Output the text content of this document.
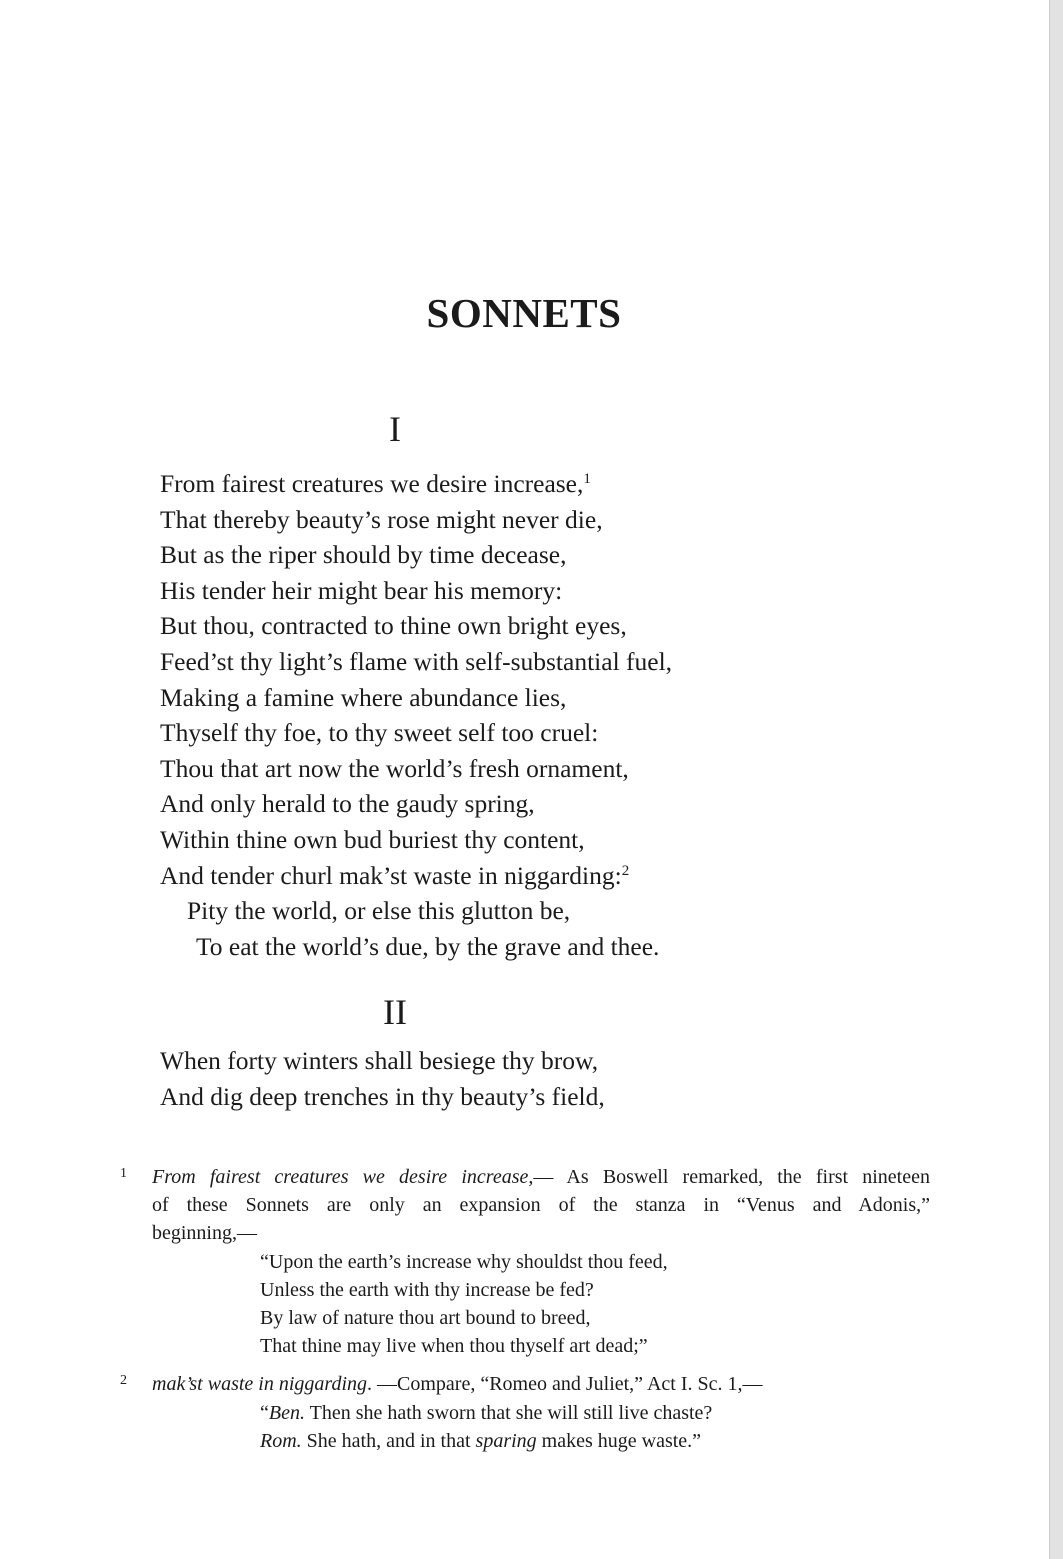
SONNETS
I
From fairest creatures we desire increase,$^1$
That thereby beauty’s rose might never die,
But as the riper should by time decease,
His tender heir might bear his memory:
But thou, contracted to thine own bright eyes,
Feed’st thy light’s flame with self-substantial fuel,
Making a famine where abundance lies,
Thyself thy foe, to thy sweet self too cruel:
Thou that art now the world’s fresh ornament,
And only herald to the gaudy spring,
Within thine own bud buriest thy content,
And tender churl mak’st waste in niggarding:$^2$
Pity the world, or else this glutton be,
To eat the world’s due, by the grave and thee.
II
When forty winters shall besiege thy brow,
And dig deep trenches in thy beauty’s field,
1 From fairest creatures we desire increase,— As Boswell remarked, the first nineteen
of these Sonnets are only an expansion of the stanza in “Venus and Adonis,”
beginning,—
“Upon the earth’s increase why shouldst thou feed,
Unless the earth with thy increase be fed?
By law of nature thou art bound to breed,
That thine may live when thou thyself art dead;”
2 mak’st waste in niggarding. —Compare, “Romeo and Juliet,” Act I. Sc. 1,—
“Ben. Then she hath sworn that she will still live chaste?
Rom. She hath, and in that sparing makes huge waste.”
